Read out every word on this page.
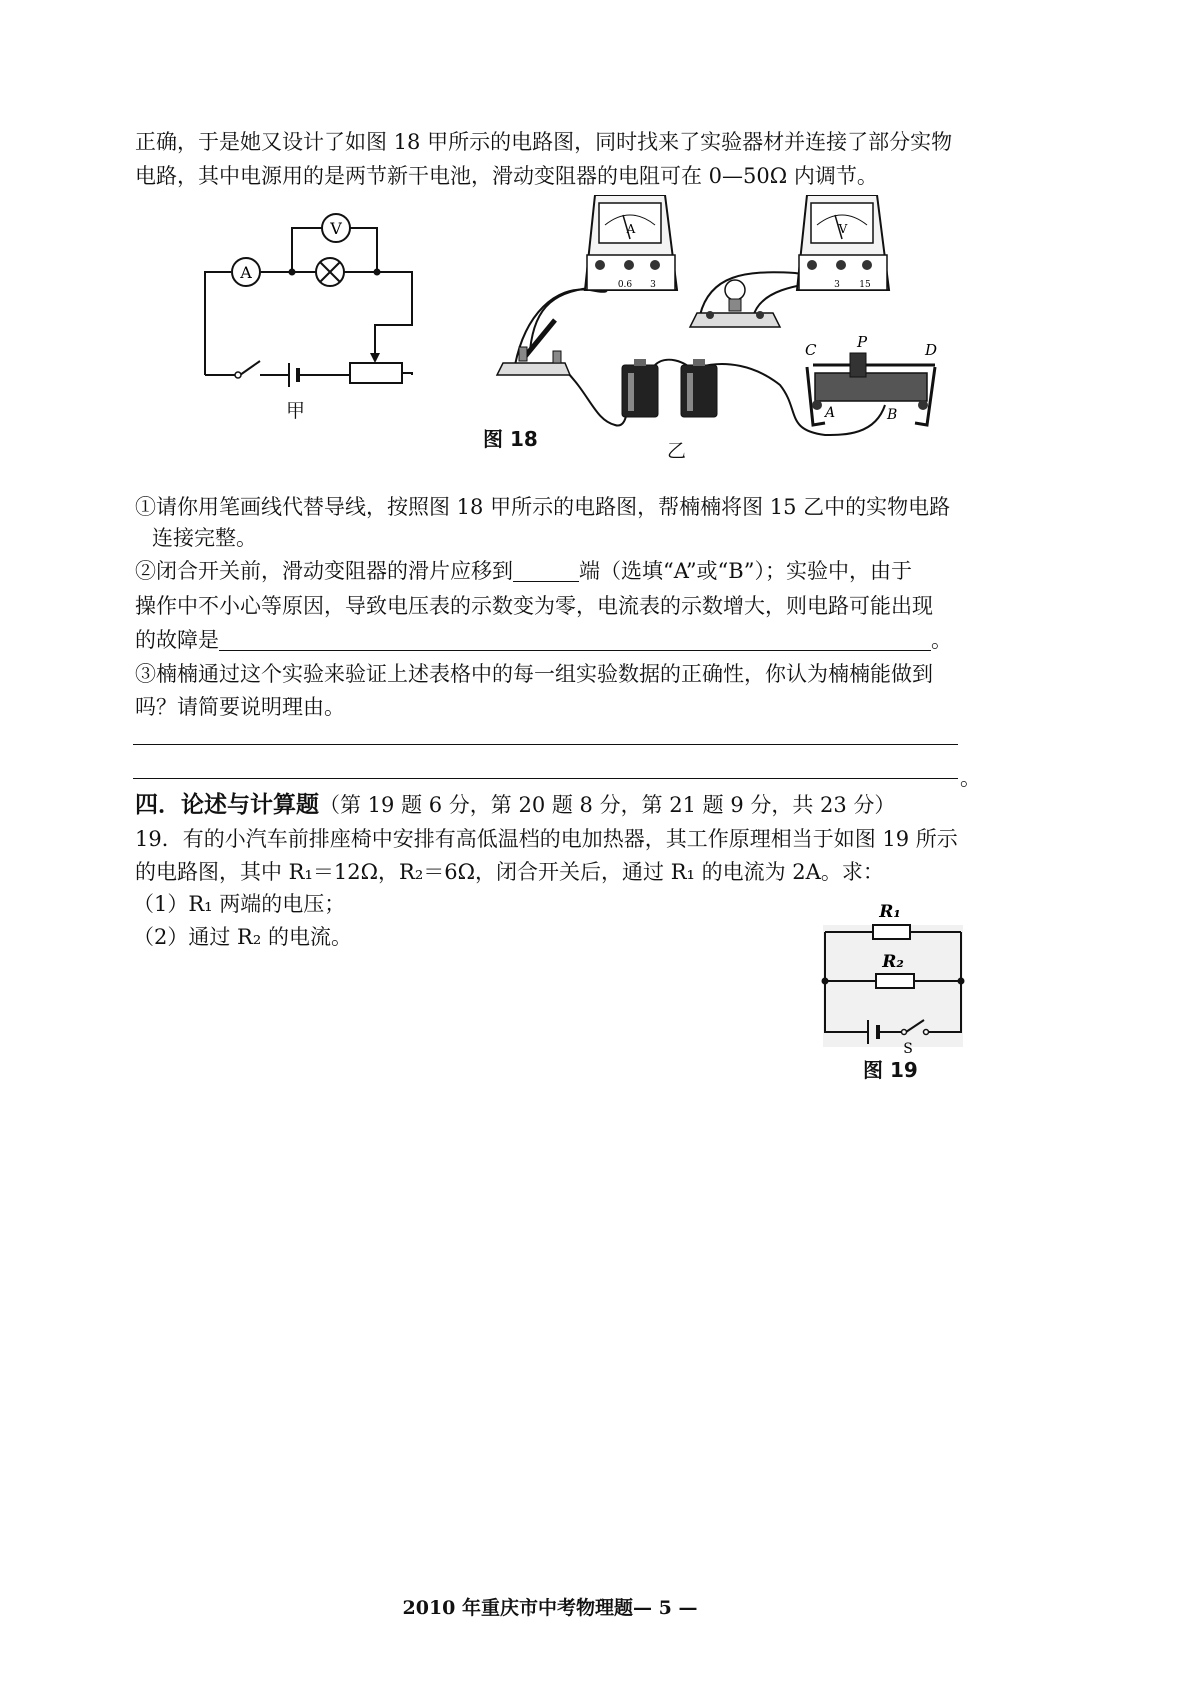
正确，于是她又设计了如图 18 甲所示的电路图，同时找来了实验器材并连接了部分实物
电路，其中电源用的是两节新干电池，滑动变阻器的电阻可在 0—50Ω 内调节。
A
V
甲
A
0.6 3
V
3 15
C	P	D
A	B
图 18	乙
①请你用笔画线代替导线，按照图 18 甲所示的电路图，帮楠楠将图 15 乙中的实物电路
连接完整。
②闭合开关前，滑动变阻器的滑片应移到	端（选填“A”或“B”）；实验中，由于
操作中不小心等原因，导致电压表的示数变为零，电流表的示数增大，则电路可能出现
的故障是	。
③楠楠通过这个实验来验证上述表格中的每一组实验数据的正确性，你认为楠楠能做到
吗？请简要说明理由。
。
四．论述与计算题（第 19 题 6 分，第 20 题 8 分，第 21 题 9 分，共 23 分）
19．有的小汽车前排座椅中安排有高低温档的电加热器，其工作原理相当于如图 19 所示
的电路图，其中 R₁＝12Ω，R₂＝6Ω，闭合开关后，通过 R₁ 的电流为 2A。求：
（1）R₁ 两端的电压；
（2）通过 R₂ 的电流。
R₁
R₂
S
图 19
2010 年重庆市中考物理题— 5 —
